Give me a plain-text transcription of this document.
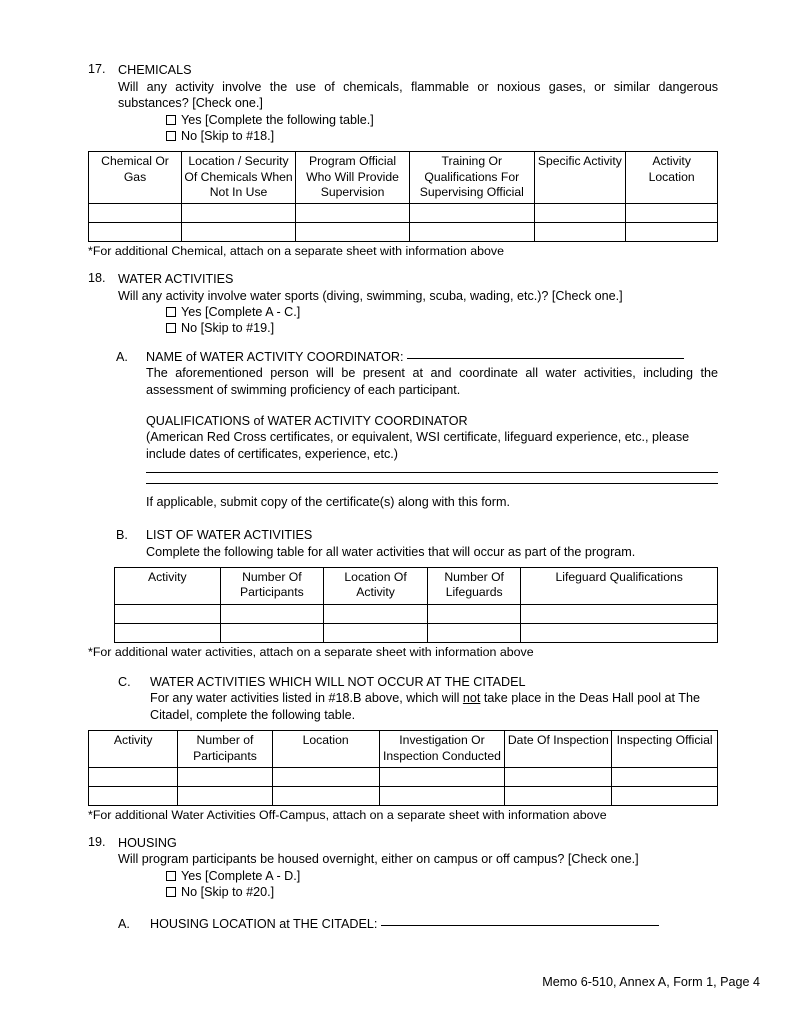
17. CHEMICALS
Will any activity involve the use of chemicals, flammable or noxious gases, or similar dangerous substances? [Check one.]
Yes [Complete the following table.]
No [Skip to #18.]
Chemical Or Gas	Location / Security Of Chemicals When Not In Use	Program Official Who Will Provide Supervision	Training Or Qualifications For Supervising Official	Specific Activity	Activity Location

*For additional Chemical, attach on a separate sheet with information above
18. WATER ACTIVITIES
Will any activity involve water sports (diving, swimming, scuba, wading, etc.)? [Check one.]
Yes [Complete A - C.]
No [Skip to #19.]
A. NAME of WATER ACTIVITY COORDINATOR:
The aforementioned person will be present at and coordinate all water activities, including the assessment of swimming proficiency of each participant.
QUALIFICATIONS of WATER ACTIVITY COORDINATOR
(American Red Cross certificates, or equivalent, WSI certificate, lifeguard experience, etc., please include dates of certificates, experience, etc.)
If applicable, submit copy of the certificate(s) along with this form.
B. LIST OF WATER ACTIVITIES
Complete the following table for all water activities that will occur as part of the program.
Activity	Number Of Participants	Location Of Activity	Number Of Lifeguards	Lifeguard Qualifications

*For additional water activities, attach on a separate sheet with information above
C. WATER ACTIVITIES WHICH WILL NOT OCCUR AT THE CITADEL
For any water activities listed in #18.B above, which will not take place in the Deas Hall pool at The Citadel, complete the following table.
Activity	Number of Participants	Location	Investigation Or Inspection Conducted	Date Of Inspection	Inspecting Official

*For additional Water Activities Off-Campus, attach on a separate sheet with information above
19. HOUSING
Will program participants be housed overnight, either on campus or off campus? [Check one.]
Yes [Complete A - D.]
No [Skip to #20.]
A. HOUSING LOCATION at THE CITADEL:
Memo 6-510, Annex A, Form 1, Page 4
